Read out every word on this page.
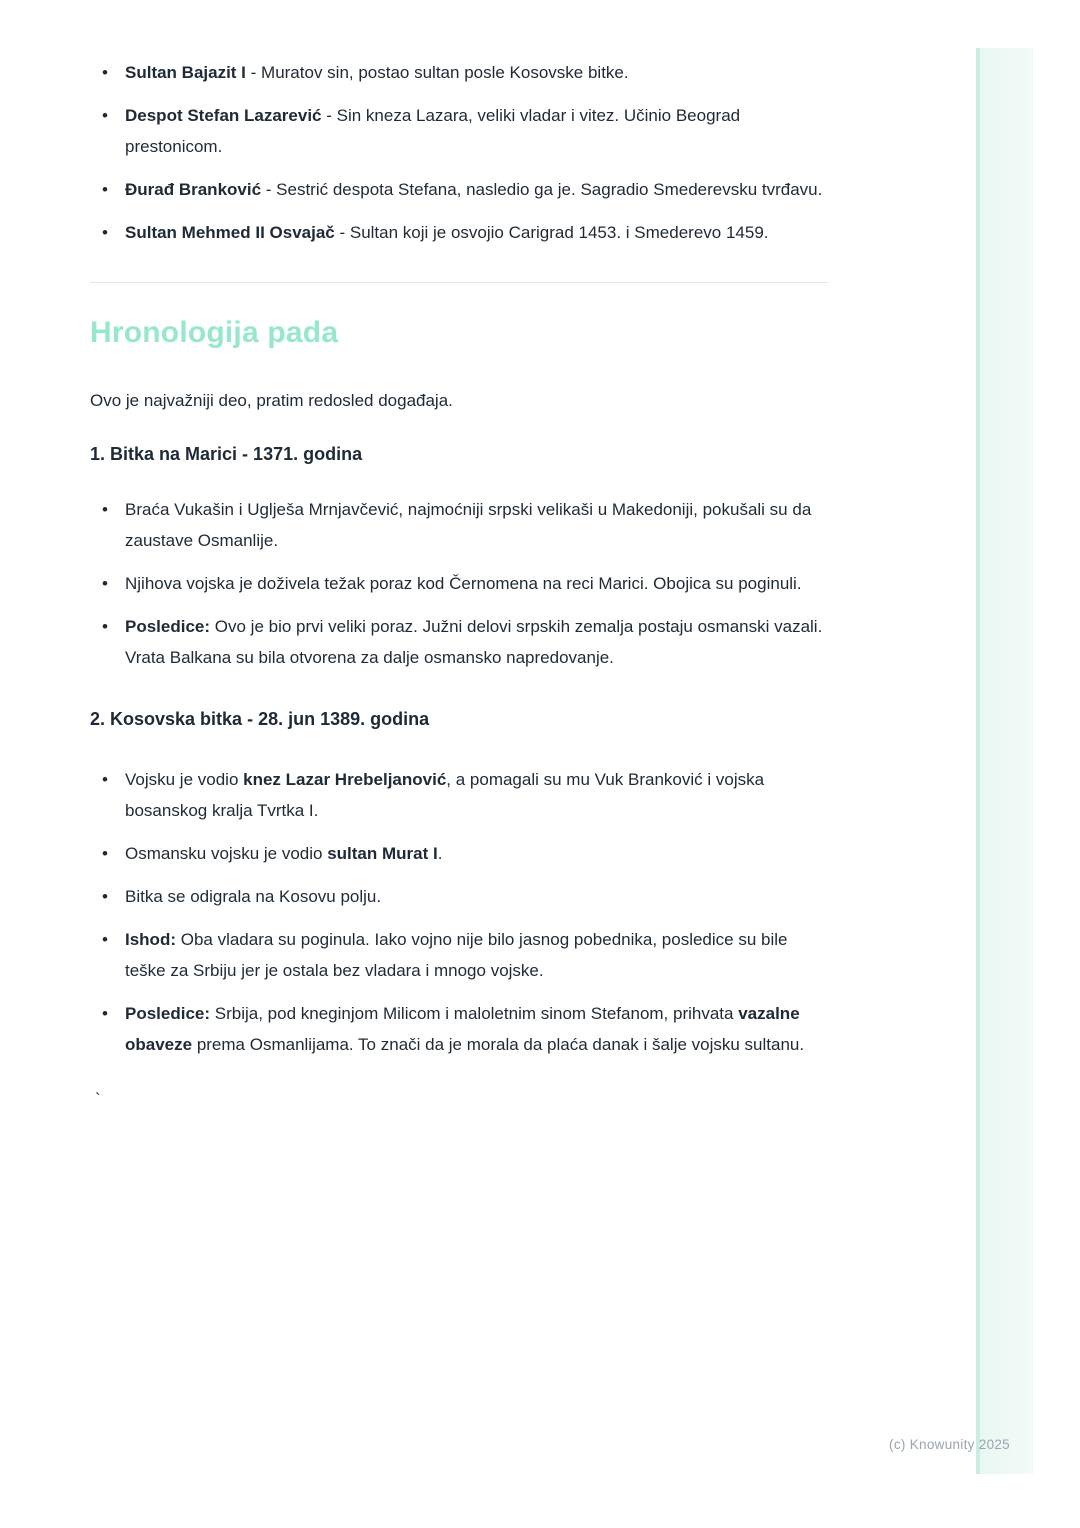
• Sultan Bajazit I - Muratov sin, postao sultan posle Kosovske bitke.
• Despot Stefan Lazarević - Sin kneza Lazara, veliki vladar i vitez. Učinio Beograd prestonicom.
• Đurađ Branković - Sestrić despota Stefana, nasledio ga je. Sagradio Smederevsku tvrđavu.
• Sultan Mehmed II Osvajač - Sultan koji je osvojio Carigrad 1453. i Smederevo 1459.
Hronologija pada

Ovo je najvažniji deo, pratim redosled događaja.

1. Bitka na Marici - 1371. godina
• Braća Vukašin i Uglješa Mrnjavčević, najmoćniji srpski velikaši u Makedoniji, pokušali su da zaustave Osmanlije.
• Njihova vojska je doživela težak poraz kod Černomena na reci Marici. Obojica su poginuli.
• Posledice: Ovo je bio prvi veliki poraz. Južni delovi srpskih zemalja postaju osmanski vazali. Vrata Balkana su bila otvorena za dalje osmansko napredovanje.
2. Kosovska bitka - 28. jun 1389. godina
• Vojsku je vodio knez Lazar Hrebeljanović, a pomagali su mu Vuk Branković i vojska bosanskog kralja Tvrtka I.
• Osmansku vojsku je vodio sultan Murat I.
• Bitka se odigrala na Kosovu polju.
• Ishod: Oba vladara su poginula. Iako vojno nije bilo jasnog pobednika, posledice su bile teške za Srbiju jer je ostala bez vladara i mnogo vojske.
• Posledice: Srbija, pod kneginjom Milicom i maloletnim sinom Stefanom, prihvata vazalne obaveze prema Osmanlijama. To znači da je morala da plaća danak i šalje vojsku sultanu.

`

(c) Knowunity 2025
